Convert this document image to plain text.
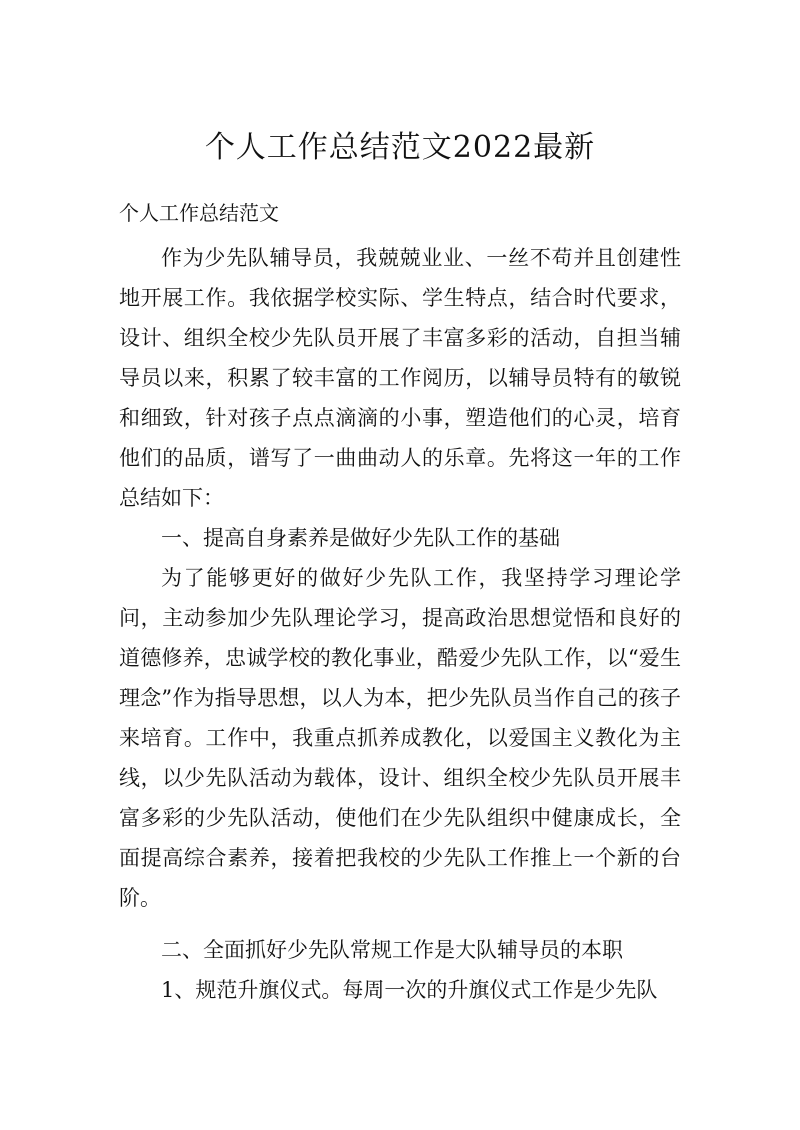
个人工作总结范文2022最新
个人工作总结范文

作为少先队辅导员，我兢兢业业、一丝不苟并且创建性地开展工作。我依据学校实际、学生特点，结合时代要求，设计、组织全校少先队员开展了丰富多彩的活动，自担当辅导员以来，积累了较丰富的工作阅历，以辅导员特有的敏锐和细致，针对孩子点点滴滴的小事，塑造他们的心灵，培育他们的品质，谱写了一曲曲动人的乐章。先将这一年的工作总结如下：

一、提高自身素养是做好少先队工作的基础

为了能够更好的做好少先队工作，我坚持学习理论学问，主动参加少先队理论学习，提高政治思想觉悟和良好的道德修养，忠诚学校的教化事业，酷爱少先队工作，以“爱生理念”作为指导思想，以人为本，把少先队员当作自己的孩子来培育。工作中，我重点抓养成教化，以爱国主义教化为主线，以少先队活动为载体，设计、组织全校少先队员开展丰富多彩的少先队活动，使他们在少先队组织中健康成长，全面提高综合素养，接着把我校的少先队工作推上一个新的台阶。

二、全面抓好少先队常规工作是大队辅导员的本职

1、规范升旗仪式。每周一次的升旗仪式工作是少先队
